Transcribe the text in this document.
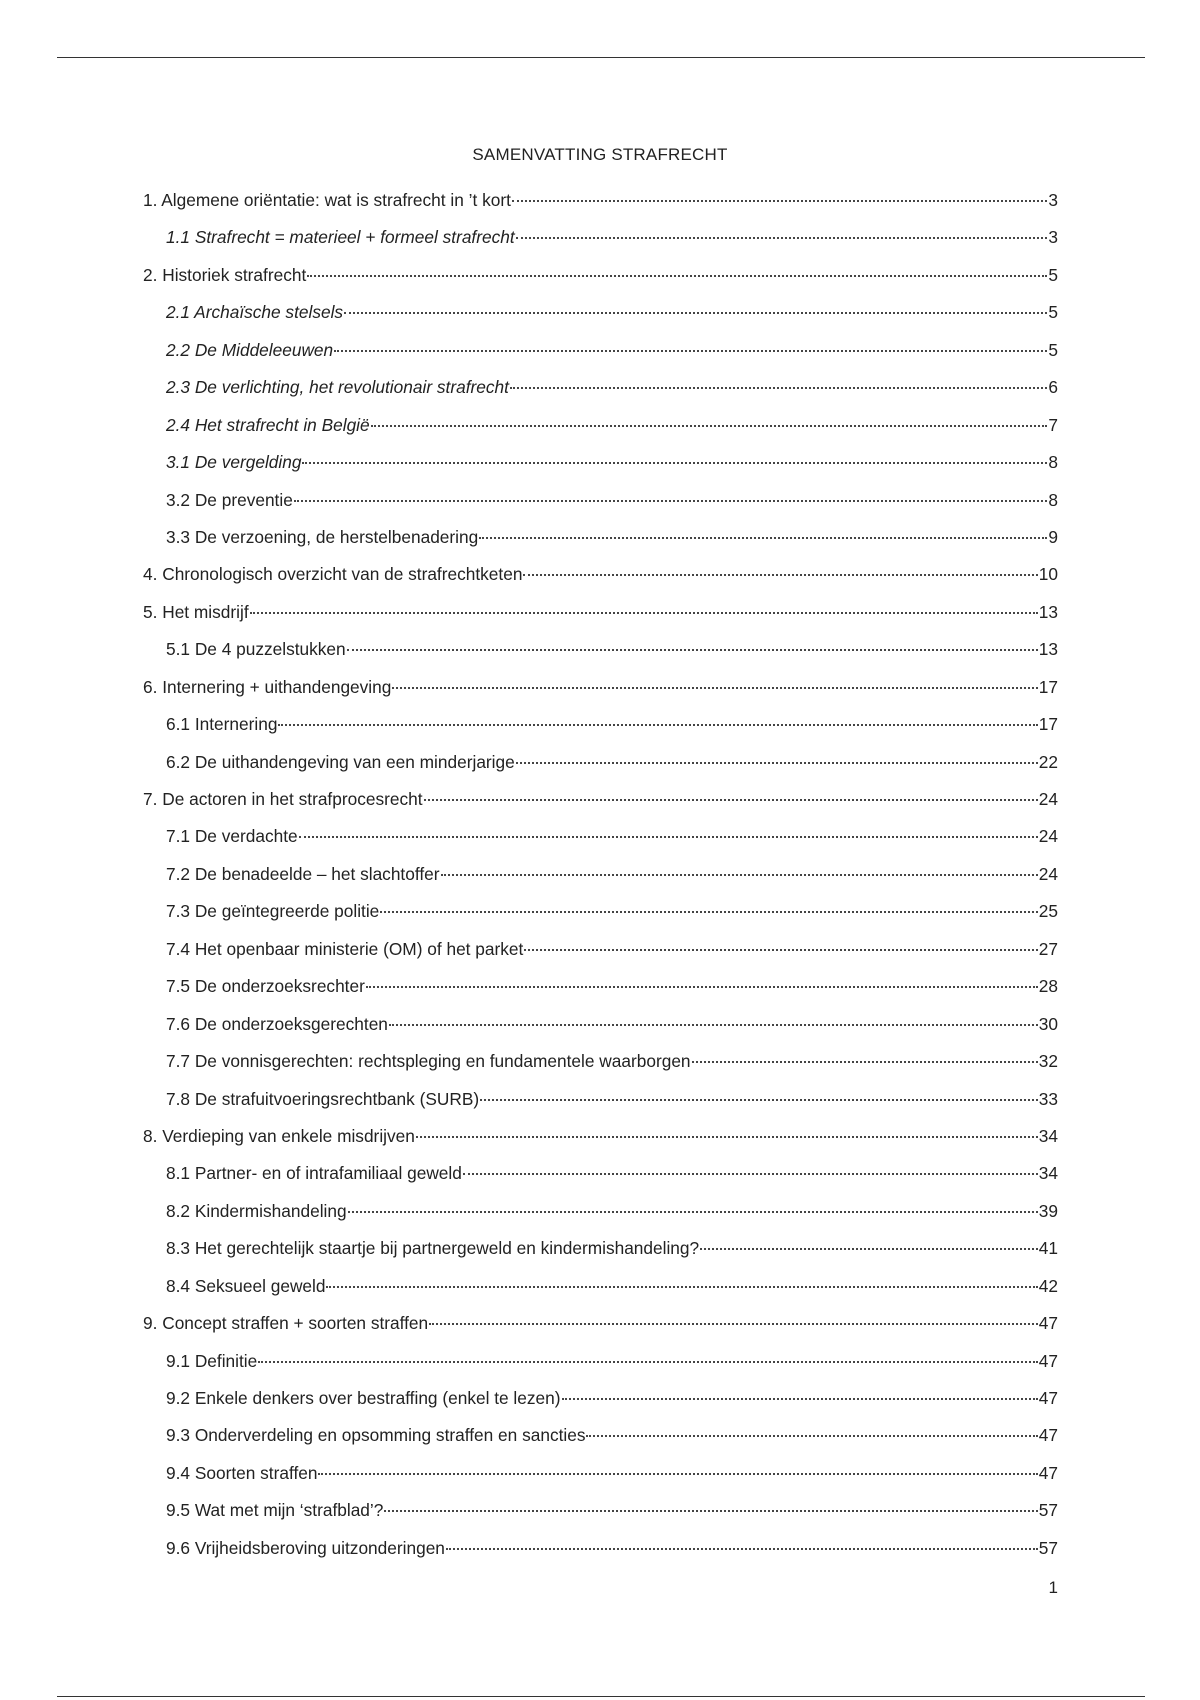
SAMENVATTING STRAFRECHT
1. Algemene oriëntatie: wat is strafrecht in ’t kort	3
1.1 Strafrecht = materieel + formeel strafrecht	3
2. Historiek strafrecht	5
2.1 Archaïsche stelsels	5
2.2 De Middeleeuwen	5
2.3 De verlichting, het revolutionair strafrecht	6
2.4 Het strafrecht in België	7
3.1 De vergelding	8
3.2 De preventie	8
3.3 De verzoening, de herstelbenadering	9
4. Chronologisch overzicht van de strafrechtketen	10
5. Het misdrijf	13
5.1 De 4 puzzelstukken	13
6. Internering + uithandengeving	17
6.1 Internering	17
6.2 De uithandengeving van een minderjarige	22
7. De actoren in het strafprocesrecht	24
7.1 De verdachte	24
7.2 De benadeelde – het slachtoffer	24
7.3 De geïntegreerde politie	25
7.4 Het openbaar ministerie (OM) of het parket	27
7.5 De onderzoeksrechter	28
7.6 De onderzoeksgerechten	30
7.7 De vonnisgerechten: rechtspleging en fundamentele waarborgen	32
7.8 De strafuitvoeringsrechtbank (SURB)	33
8. Verdieping van enkele misdrijven	34
8.1 Partner- en of intrafamiliaal geweld	34
8.2 Kindermishandeling	39
8.3 Het gerechtelijk staartje bij partnergeweld en kindermishandeling?	41
8.4 Seksueel geweld	42
9. Concept straffen + soorten straffen	47
9.1 Definitie	47
9.2 Enkele denkers over bestraffing (enkel te lezen)	47
9.3 Onderverdeling en opsomming straffen en sancties	47
9.4 Soorten straffen	47
9.5 Wat met mijn ‘strafblad’?	57
9.6 Vrijheidsberoving uitzonderingen	57
1
